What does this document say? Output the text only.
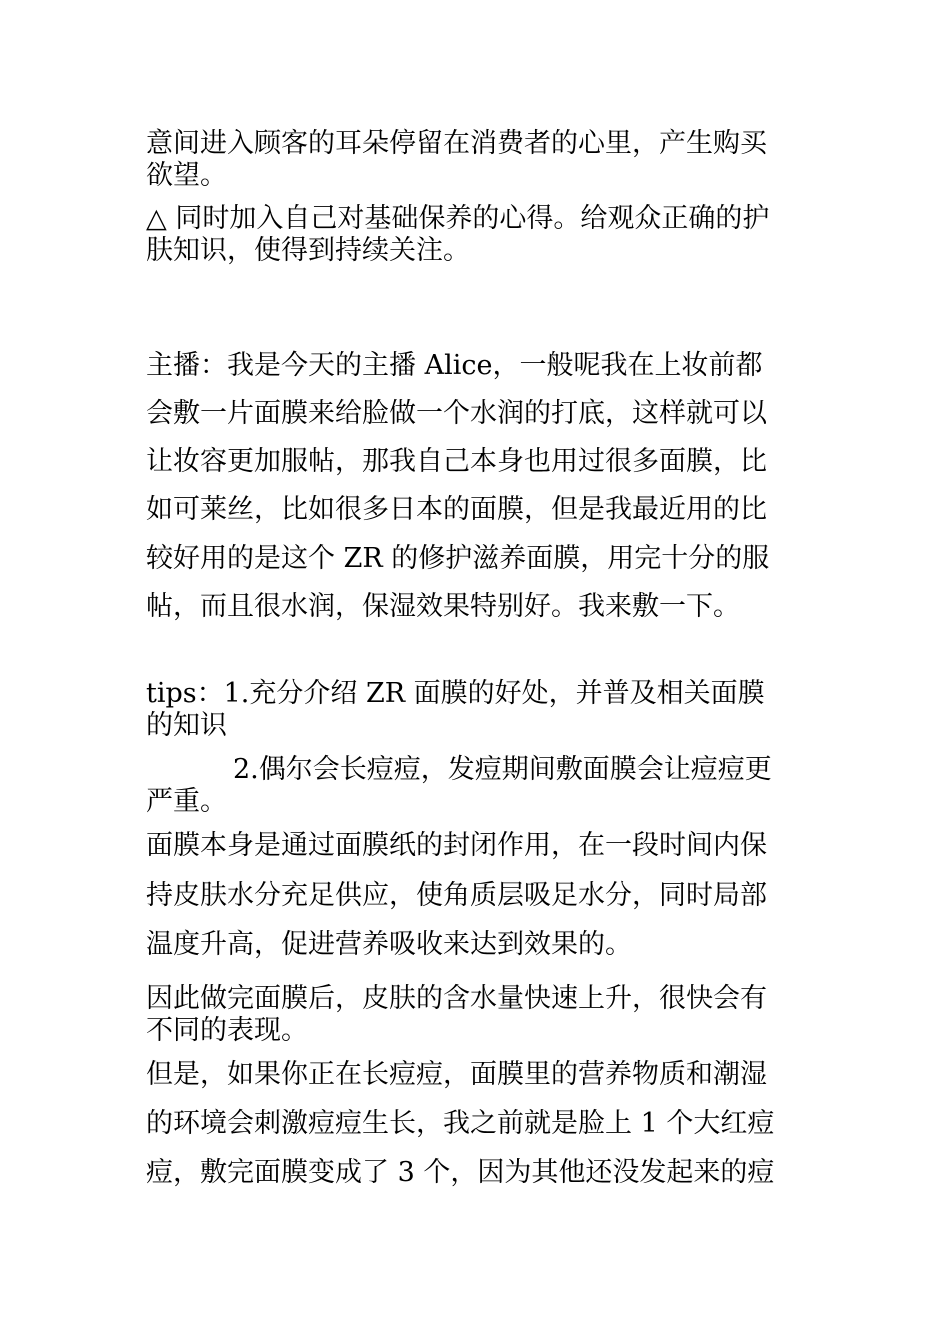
意间进入顾客的耳朵停留在消费者的心里，产生购买
欲望。
△ 同时加入自己对基础保养的心得。给观众正确的护
肤知识，使得到持续关注。
主播：我是今天的主播 Alice，一般呢我在上妆前都
会敷一片面膜来给脸做一个水润的打底，这样就可以
让妆容更加服帖，那我自己本身也用过很多面膜，比
如可莱丝，比如很多日本的面膜，但是我最近用的比
较好用的是这个 ZR 的修护滋养面膜，用完十分的服
帖，而且很水润，保湿效果特别好。我来敷一下。
tips：1.充分介绍 ZR 面膜的好处，并普及相关面膜
的知识
2.偶尔会长痘痘，发痘期间敷面膜会让痘痘更
严重。
面膜本身是通过面膜纸的封闭作用，在一段时间内保
持皮肤水分充足供应，使角质层吸足水分，同时局部
温度升高，促进营养吸收来达到效果的。
因此做完面膜后，皮肤的含水量快速上升，很快会有
不同的表现。
但是，如果你正在长痘痘，面膜里的营养物质和潮湿
的环境会刺激痘痘生长，我之前就是脸上 1 个大红痘
痘，敷完面膜变成了 3 个，因为其他还没发起来的痘
